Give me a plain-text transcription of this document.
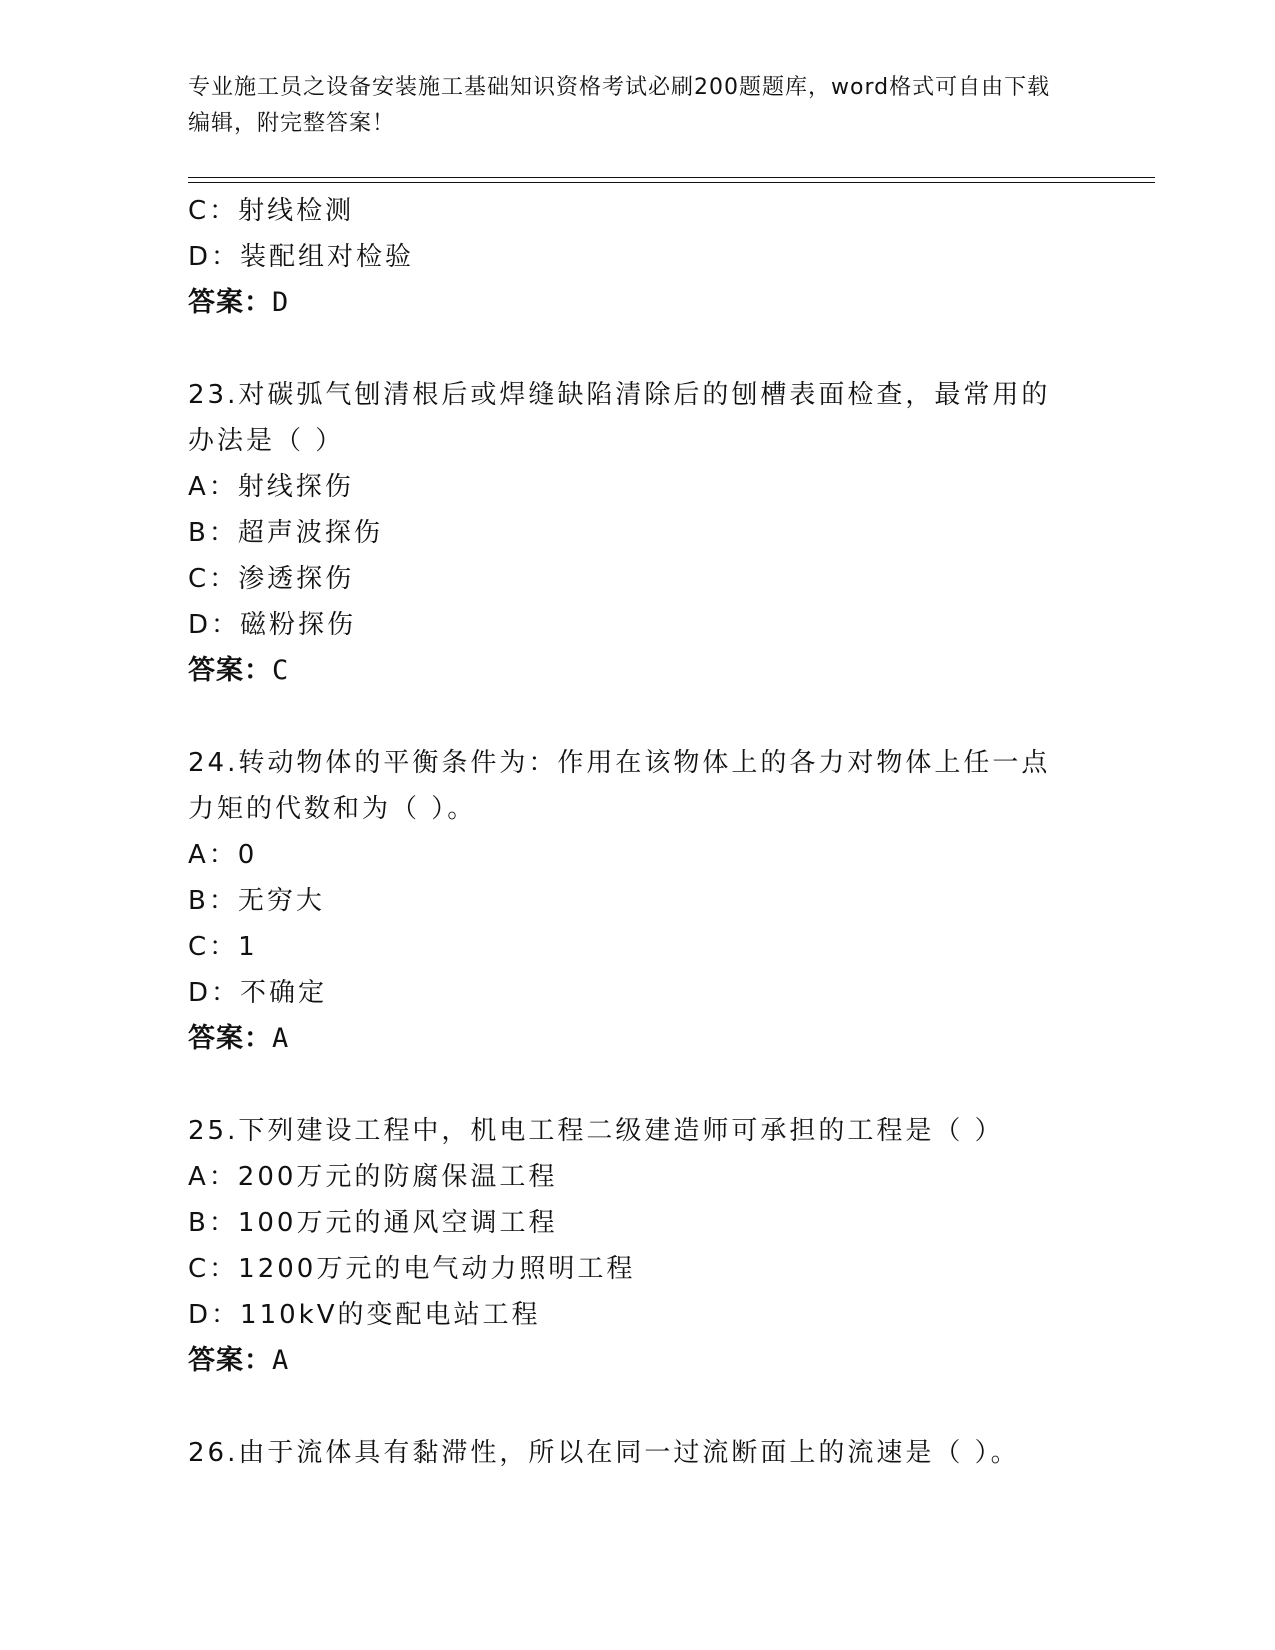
专业施工员之设备安装施工基础知识资格考试必刷200题题库，word格式可自由下载编辑，附完整答案！
C：射线检测
D：装配组对检验
答案：D
23.对碳弧气刨清根后或焊缝缺陷清除后的刨槽表面检查，最常用的办法是（ ）
A：射线探伤
B：超声波探伤
C：渗透探伤
D：磁粉探伤
答案：C
24.转动物体的平衡条件为：作用在该物体上的各力对物体上任一点力矩的代数和为（ ）。
A：0
B：无穷大
C：1
D：不确定
答案：A
25.下列建设工程中，机电工程二级建造师可承担的工程是（ ）
A：200万元的防腐保温工程
B：100万元的通风空调工程
C：1200万元的电气动力照明工程
D：110kV的变配电站工程
答案：A
26.由于流体具有黏滞性，所以在同一过流断面上的流速是（ ）。
